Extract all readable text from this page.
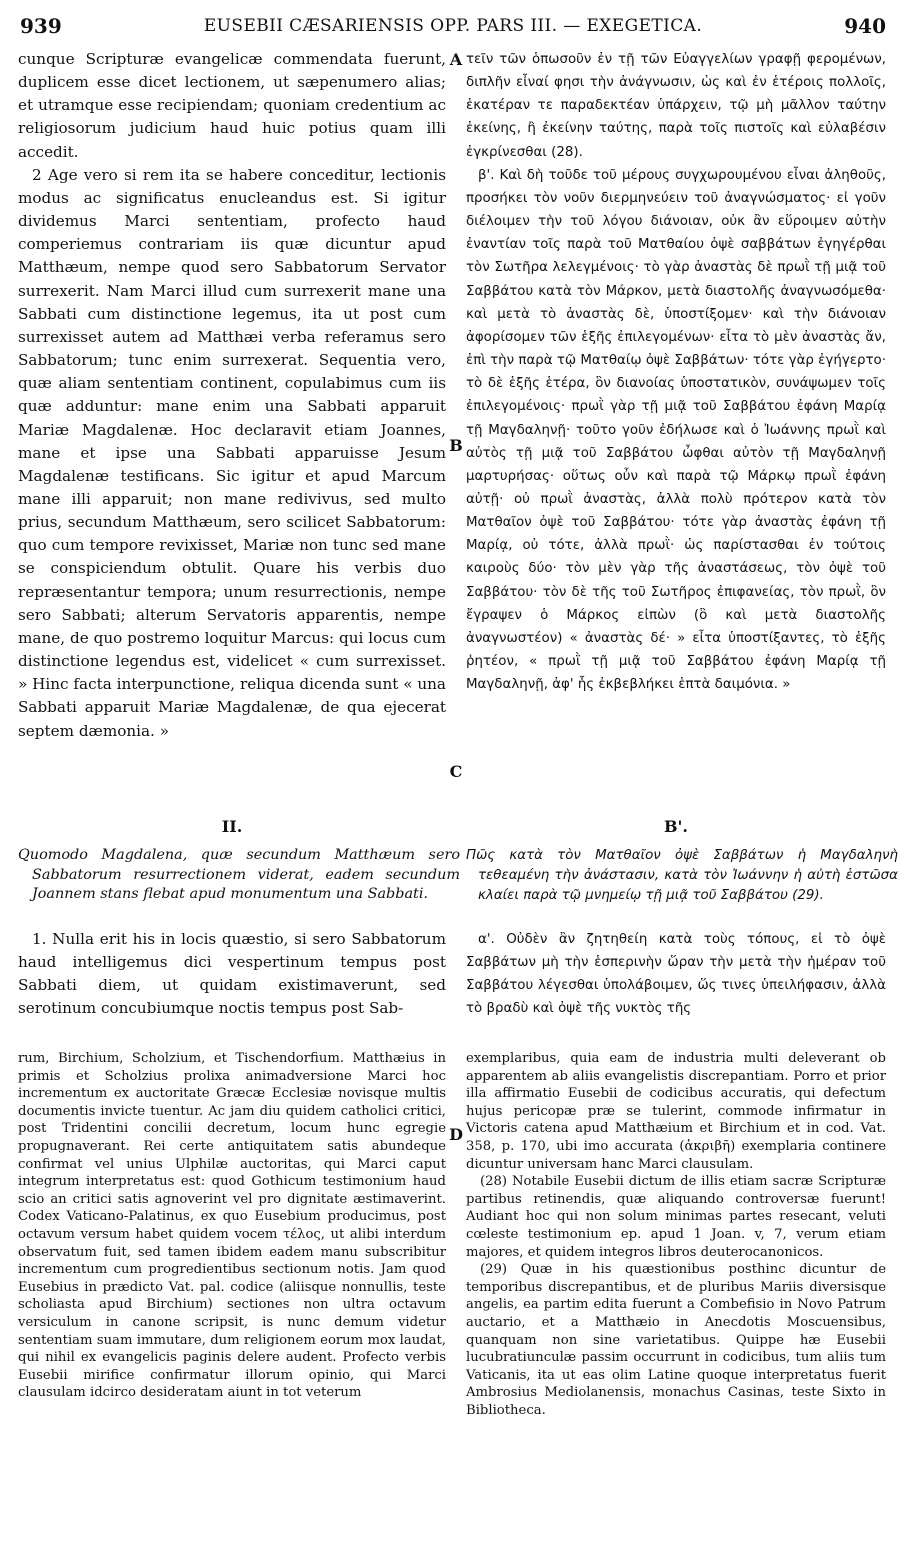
939	EUSEBII CÆSARIENSIS OPP. PARS III. — EXEGETICA.	940

cunque Scripturæ evangelicæ commendata fuerunt, duplicem esse dicet lectionem, ut sæpenumero alias; et utramque esse recipiendam; quoniam credentium ac religiosorum judicium haud huic potius quam illi accedit.

2 Age vero si rem ita se habere conceditur, lectionis modus ac significatus enucleandus est. Si igitur dividemus Marci sententiam, profecto haud comperiemus contrariam iis quæ dicuntur apud Matthæum, nempe quod sero Sabbatorum Servator surrexerit. Nam Marci illud cum surrexerit mane una Sabbati cum distinctione legemus, ita ut post cum surrexisset autem ad Matthæi verba referamus sero Sabbatorum; tunc enim surrexerat. Sequentia vero, quæ aliam sententiam continent, copulabimus cum iis quæ adduntur: mane enim una Sabbati apparuit Mariæ Magdalenæ. Hoc declaravit etiam Joannes, mane et ipse una Sabbati apparuisse Jesum Magdalenæ testificans. Sic igitur et apud Marcum mane illi apparuit; non mane redivivus, sed multo prius, secundum Matthæum, sero scilicet Sabbatorum: quo cum tempore revixisset, Mariæ non tunc sed mane se conspiciendum obtulit. Quare his verbis duo repræsentantur tempora; unum resurrectionis, nempe sero Sabbati; alterum Servatoris apparentis, nempe mane, de quo postremo loquitur Marcus: qui locus cum distinctione legendus est, videlicet « cum surrexisset. » Hinc facta interpunctione, reliqua dicenda sunt « una Sabbati apparuit Mariæ Magdalenæ, de qua ejecerat septem dæmonia. »

II.
Quomodo Magdalena, quæ secundum Matthæum sero Sabbatorum resurrectionem viderat, eadem secundum Joannem stans flebat apud monumentum una Sabbati.

1. Nulla erit his in locis quæstio, si sero Sabbatorum haud intelligemus dici vespertinum tempus post Sabbati diem, ut quidam existimaverunt, sed serotinum concubiumque noctis tempus post Sab-

τεῖν τῶν ὁπωσοῦν ἐν τῇ τῶν Εὐαγγελίων γραφῇ φερομένων, διπλῆν εἶναί φησι τὴν ἀνάγνωσιν, ὡς καὶ ἐν ἑτέροις πολλοῖς, ἑκατέραν τε παραδεκτέαν ὑπάρχειν, τῷ μὴ μᾶλλον ταύτην ἐκείνης, ἢ ἐκείνην ταύτης, παρὰ τοῖς πιστοῖς καὶ εὐλαβέσιν ἐγκρίνεσθαι (28).

β'. Καὶ δὴ τοῦδε τοῦ μέρους συγχωρουμένου εἶναι ἀληθοῦς, προσήκει τὸν νοῦν διερμηνεύειν τοῦ ἀναγνώσματος· εἰ γοῦν διέλοιμεν τὴν τοῦ λόγου διάνοιαν, οὐκ ἂν εὕροιμεν αὐτὴν ἐναντίαν τοῖς παρὰ τοῦ Ματθαίου ὀψὲ σαββάτων ἐγηγέρθαι τὸν Σωτῆρα λελεγμένοις· τὸ γὰρ ἀναστὰς δὲ πρωῒ τῇ μιᾷ τοῦ Σαββάτου κατὰ τὸν Μάρκον, μετὰ διαστολῆς ἀναγνωσόμεθα· καὶ μετὰ τὸ ἀναστὰς δὲ, ὑποστίξομεν· καὶ τὴν διάνοιαν ἀφορίσομεν τῶν ἑξῆς ἐπιλεγομένων· εἶτα τὸ μὲν ἀναστὰς ἄν, ἐπὶ τὴν παρὰ τῷ Ματθαίῳ ὀψὲ Σαββάτων· τότε γὰρ ἐγήγερτο· τὸ δὲ ἑξῆς ἑτέρα, ὃν διανοίας ὑποστατικὸν, συνάψωμεν τοῖς ἐπιλεγομένοις· πρωῒ γὰρ τῇ μιᾷ τοῦ Σαββάτου ἐφάνη Μαρίᾳ τῇ Μαγδαληνῇ· τοῦτο γοῦν ἐδήλωσε καὶ ὁ Ἰωάννης πρωῒ καὶ αὐτὸς τῇ μιᾷ τοῦ Σαββάτου ὦφθαι αὐτὸν τῇ Μαγδαληνῇ μαρτυρήσας· οὕτως οὖν καὶ παρὰ τῷ Μάρκῳ πρωῒ ἐφάνη αὐτῇ· οὐ πρωῒ ἀναστὰς, ἀλλὰ πολὺ πρότερον κατὰ τὸν Ματθαῖον ὀψὲ τοῦ Σαββάτου· τότε γὰρ ἀναστὰς ἐφάνη τῇ Μαρίᾳ, οὐ τότε, ἀλλὰ πρωῒ· ὡς παρίστασθαι ἐν τούτοις καιροὺς δύο· τὸν μὲν γὰρ τῆς ἀναστάσεως, τὸν ὀψὲ τοῦ Σαββάτου· τὸν δὲ τῆς τοῦ Σωτῆρος ἐπιφανείας, τὸν πρωῒ, ὃν ἔγραψεν ὁ Μάρκος εἰπὼν (ὃ καὶ μετὰ διαστολῆς ἀναγνωστέον) « ἀναστὰς δέ· » εἶτα ὑποστίξαντες, τὸ ἑξῆς ῥητέον, « πρωῒ τῇ μιᾷ τοῦ Σαββάτου ἐφάνη Μαρίᾳ τῇ Μαγδαληνῇ, ἀφ' ἧς ἐκβεβλήκει ἑπτὰ δαιμόνια. »

Β'.
Πῶς κατὰ τὸν Ματθαῖον ὀψὲ Σαββάτων ἡ Μαγδαληνὴ τεθεαμένη τὴν ἀνάστασιν, κατὰ τὸν Ἰωάννην ἡ αὐτὴ ἑστῶσα κλαίει παρὰ τῷ μνημείῳ τῇ μιᾷ τοῦ Σαββάτου (29).

α'. Οὐδὲν ἂν ζητηθείη κατὰ τοὺς τόπους, εἰ τὸ ὀψὲ Σαββάτων μὴ τὴν ἑσπερινὴν ὥραν τὴν μετὰ τὴν ἡμέραν τοῦ Σαββάτου λέγεσθαι ὑπολάβοιμεν, ὥς τινες ὑπειλήφασιν, ἀλλὰ τὸ βραδὺ καὶ ὀψὲ τῆς νυκτὸς τῆς

A
B
C
D

rum, Birchium, Scholzium, et Tischendorfium. Matthæius in primis et Scholzius prolixa animadversione Marci hoc incrementum ex auctoritate Græcæ Ecclesiæ novisque multis documentis invicte tuentur. Ac jam diu quidem catholici critici, post Tridentini concilii decretum, locum hunc egregie propugnaverant. Rei certe antiquitatem satis abundeque confirmat vel unius Ulphilæ auctoritas, qui Marci caput integrum interpretatus est: quod Gothicum testimonium haud scio an critici satis agnoverint vel pro dignitate æstimaverint. Codex Vaticano-Palatinus, ex quo Eusebium producimus, post octavum versum habet quidem vocem τέλος, ut alibi interdum observatum fuit, sed tamen ibidem eadem manu subscribitur incrementum cum progredientibus sectionum notis. Jam quod Eusebius in prædicto Vat. pal. codice (aliisque nonnullis, teste scholiasta apud Birchium) sectiones non ultra octavum versiculum in canone scripsit, is nunc demum videtur sententiam suam immutare, dum religionem eorum mox laudat, qui nihil ex evangelicis paginis delere audent. Profecto verbis Eusebii mirifice confirmatur illorum opinio, qui Marci clausulam idcirco desideratam aiunt in tot veterum

exemplaribus, quia eam de industria multi deleverant ob apparentem ab aliis evangelistis discrepantiam. Porro et prior illa affirmatio Eusebii de codicibus accuratis, qui defectum hujus pericopæ præ se tulerint, commode infirmatur in Victoris catena apud Matthæium et Birchium et in cod. Vat. 358, p. 170, ubi imo accurata (ἀκριβῆ) exemplaria continere dicuntur universam hanc Marci clausulam.

(28) Notabile Eusebii dictum de illis etiam sacræ Scripturæ partibus retinendis, quæ aliquando controversæ fuerunt! Audiant hoc qui non solum minimas partes resecant, veluti cœleste testimonium ep. apud 1 Joan. v, 7, verum etiam majores, et quidem integros libros deuterocanonicos.

(29) Quæ in his quæstionibus posthinc dicuntur de temporibus discrepantibus, et de pluribus Mariis diversisque angelis, ea partim edita fuerunt a Combefisio in Novo Patrum auctario, et a Matthæio in Anecdotis Moscuensibus, quanquam non sine varietatibus. Quippe hæ Eusebii lucubratiunculæ passim occurrunt in codicibus, tum aliis tum Vaticanis, ita ut eas olim Latine quoque interpretatus fuerit Ambrosius Mediolanensis, monachus Casinas, teste Sixto in Bibliotheca.
